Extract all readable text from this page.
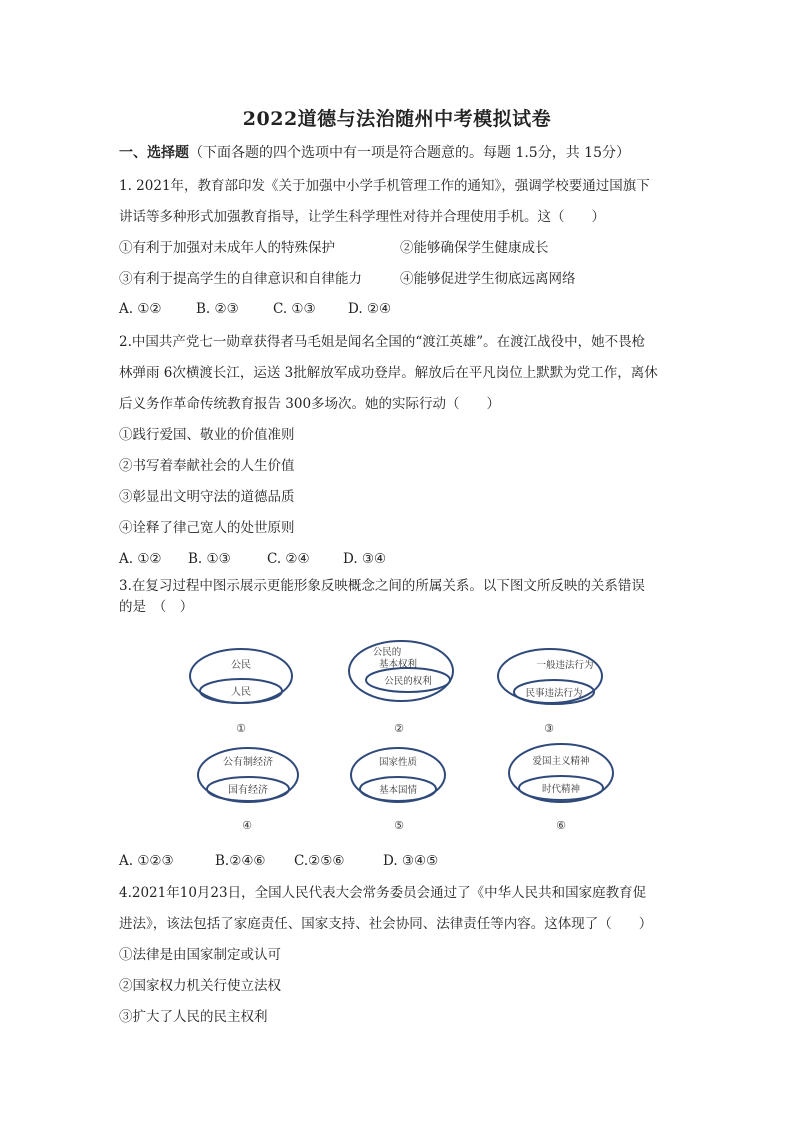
2022道德与法治随州中考模拟试卷
一、选择题（下面各题的四个选项中有一项是符合题意的。每题 1.5分，共 15分）
1. 2021年，教育部印发《关于加强中小学手机管理工作的通知》，强调学校要通过国旗下
讲话等多种形式加强教育指导，让学生科学理性对待并合理使用手机。这（　　）
①有利于加强对未成年人的特殊保护	②能够确保学生健康成长
③有利于提高学生的自律意识和自律能力	④能够促进学生彻底远离网络
A. ①②	B. ②③	C. ①③ D. ②④
2.中国共产党七一勋章获得者马毛姐是闻名全国的“渡江英雄”。在渡江战役中，她不畏枪
林弹雨 6次横渡长江，运送 3批解放军成功登岸。解放后在平凡岗位上默默为党工作，离休
后义务作革命传统教育报告 300多场次。她的实际行动（　　）
①践行爱国、敬业的价值准则
②书写着奉献社会的人生价值
③彰显出文明守法的道德品质
④诠释了律己宽人的处世原则
A. ①② B. ①③	C. ②④ D. ③④
3.在复习过程中图示展示更能形象反映概念之间的所属关系。以下图文所反映的关系错误
的是　（　）
公民
人民
①
公民的
基本权利
公民的权利
②
一般违法行为
民事违法行为
③
公有制经济
国有经济
④
国家性质
基本国情
⑤
爱国主义精神
时代精神
⑥
A. ①②③	B.②④⑥ C.②⑤⑥	D. ③④⑤
4.2021年10月23日，全国人民代表大会常务委员会通过了《中华人民共和国家庭教育促
进法》，该法包括了家庭责任、国家支持、社会协同、法律责任等内容。这体现了（　　）
①法律是由国家制定或认可
②国家权力机关行使立法权
③扩大了人民的民主权利
